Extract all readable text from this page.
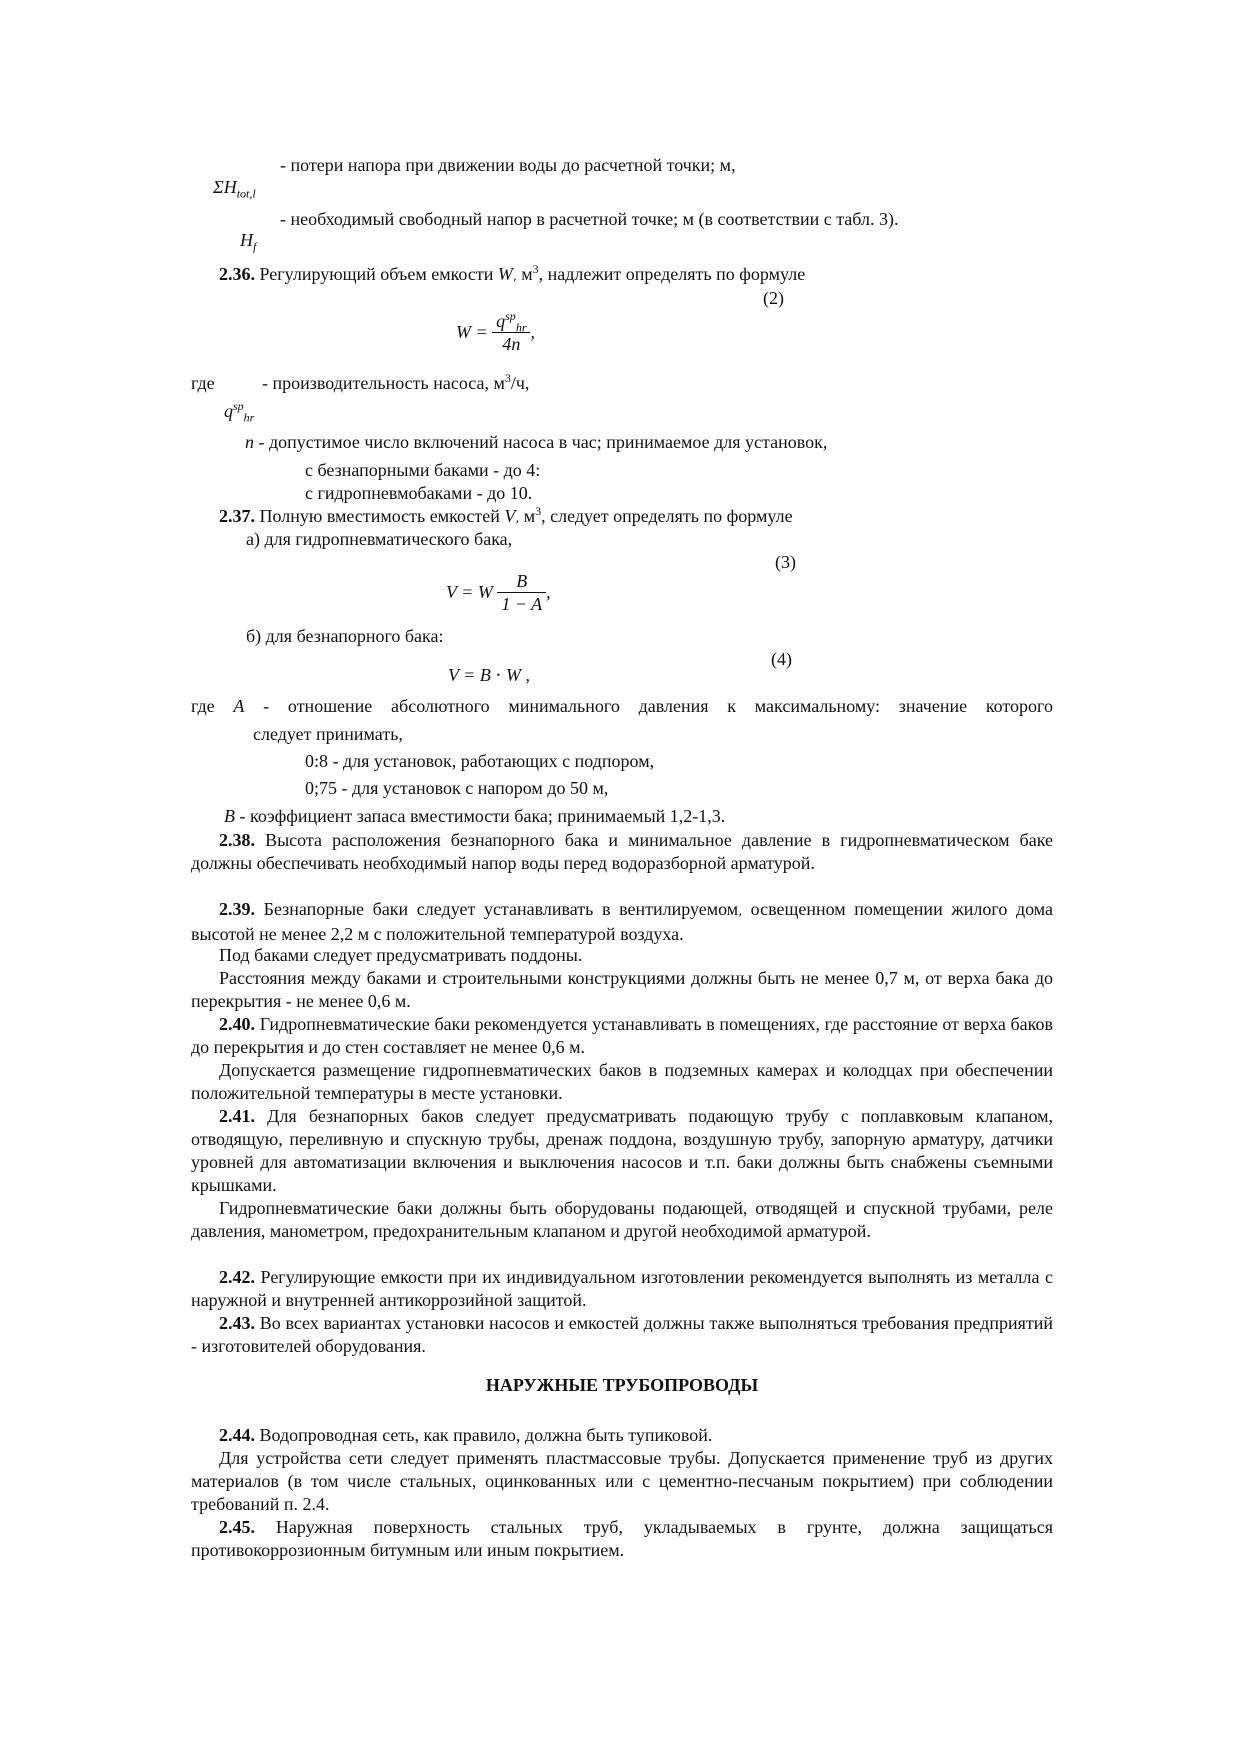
- потери напора при движении воды до расчетной точки; м,
$\Sigma H_{tot,l}$
- необходимый свободный напор в расчетной точке; м (в соответствии с табл. 3).
$H_f$
2.36. Регулирующий объем емкости W‚ $м^3$, надлежит определять по формуле
(2)
$W = \frac{q^{sp}_{hr}}{4n}$ ,
где	- производительность насоса, $м^3/ч$,
$q^{sp}_{hr}$
n - допустимое число включений насоса в час; принимаемое для установок,
с безнапорными баками - до 4:
с гидропневмобаками - до 10.
2.37. Полную вместимость емкостей V‚ $м^3$, следует определять по формуле
а) для гидропневматического бака,
(3)
V = W $\frac{B}{1 - A}$ ,
б) для безнапорного бака:
(4)
V = B ⋅ W ,
где A - отношение абсолютного минимального давления к максимальному: значение которого
следует принимать,
0:8 - для установок, работающих с подпором,
0;75 - для установок с напором до 50 м,
B - коэффициент запаса вместимости бака; принимаемый 1,2-1,3.
2.38. Высота расположения безнапорного бака и минимальное давление в гидропневматическом баке должны обеспечивать необходимый напор воды перед водоразборной арматурой.
2.39. Безнапорные баки следует устанавливать в вентилируемом‚ освещенном помещении жилого дома высотой не менее 2,2 м с положительной температурой воздуха.
Под баками следует предусматривать поддоны.
Расстояния между баками и строительными конструкциями должны быть не менее 0,7 м, от верха бака до перекрытия - не менее 0,6 м.
2.40. Гидропневматические баки рекомендуется устанавливать в помещениях, где расстояние от верха баков до перекрытия и до стен составляет не менее 0,6 м.
Допускается размещение гидропневматических баков в подземных камерах и колодцах при обеспечении положительной температуры в месте установки.
2.41. Для безнапорных баков следует предусматривать подающую трубу с поплавковым клапаном, отводящую, переливную и спускную трубы, дренаж поддона, воздушную трубу, запорную арматуру, датчики уровней для автоматизации включения и выключения насосов и т.п. баки должны быть снабжены съемными крышками.
Гидропневматические баки должны быть оборудованы подающей, отводящей и спускной трубами, реле давления, манометром, предохранительным клапаном и другой необходимой арматурой.
2.42. Регулирующие емкости при их индивидуальном изготовлении рекомендуется выполнять из металла с наружной и внутренней антикоррозийной защитой.
2.43. Во всех вариантах установки насосов и емкостей должны также выполняться требования предприятий - изготовителей оборудования.
НАРУЖНЫЕ ТРУБОПРОВОДЫ
2.44. Водопроводная сеть, как правило, должна быть тупиковой.
Для устройства сети следует применять пластмассовые трубы. Допускается применение труб из других материалов (в том числе стальных, оцинкованных или с цементно-песчаным покрытием) при соблюдении требований п. 2.4.
2.45. Наружная поверхность стальных труб, укладываемых в грунте, должна защищаться противокоррозионным битумным или иным покрытием.
